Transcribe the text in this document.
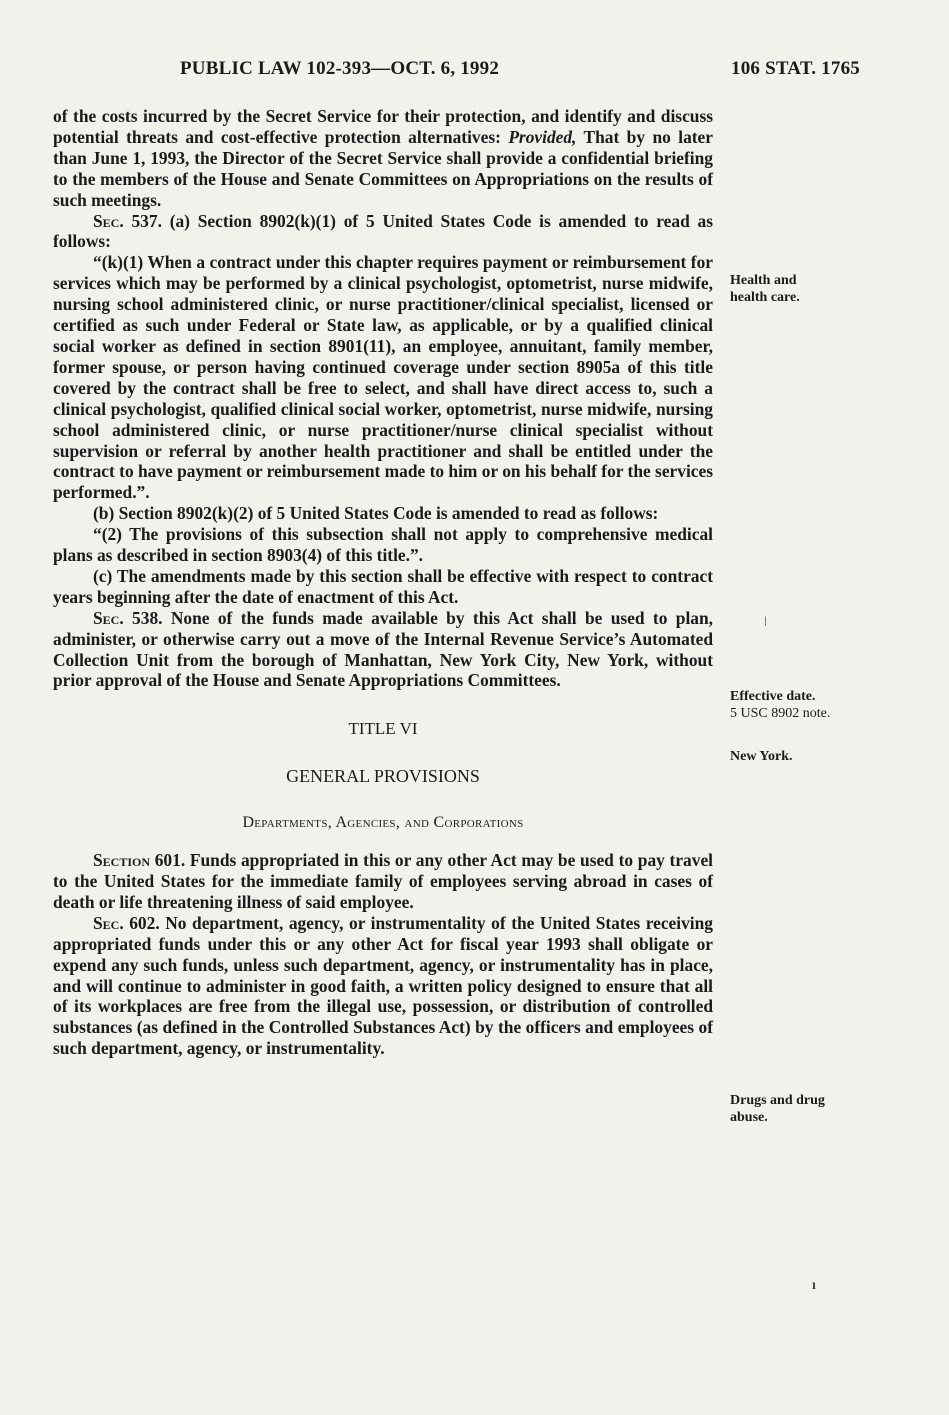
PUBLIC LAW 102-393—OCT. 6, 1992	106 STAT. 1765

of the costs incurred by the Secret Service for their protection, and identify and discuss potential threats and cost-effective protection alternatives: Provided, That by no later than June 1, 1993, the Director of the Secret Service shall provide a confidential briefing to the members of the House and Senate Committees on Appropriations on the results of such meetings.

Sec. 537. (a) Section 8902(k)(1) of 5 United States Code is amended to read as follows:

“(k)(1) When a contract under this chapter requires payment or reimbursement for services which may be performed by a clinical psychologist, optometrist, nurse midwife, nursing school administered clinic, or nurse practitioner/clinical specialist, licensed or certified as such under Federal or State law, as applicable, or by a qualified clinical social worker as defined in section 8901(11), an employee, annuitant, family member, former spouse, or person having continued coverage under section 8905a of this title covered by the contract shall be free to select, and shall have direct access to, such a clinical psychologist, qualified clinical social worker, optometrist, nurse midwife, nursing school administered clinic, or nurse practitioner/nurse clinical specialist without supervision or referral by another health practitioner and shall be entitled under the contract to have payment or reimbursement made to him or on his behalf for the services performed.”.

(b) Section 8902(k)(2) of 5 United States Code is amended to read as follows:

“(2) The provisions of this subsection shall not apply to comprehensive medical plans as described in section 8903(4) of this title.”.

(c) The amendments made by this section shall be effective with respect to contract years beginning after the date of enactment of this Act.

Sec. 538. None of the funds made available by this Act shall be used to plan, administer, or otherwise carry out a move of the Internal Revenue Service’s Automated Collection Unit from the borough of Manhattan, New York City, New York, without prior approval of the House and Senate Appropriations Committees.

TITLE VI

GENERAL PROVISIONS

Departments, Agencies, and Corporations

Section 601. Funds appropriated in this or any other Act may be used to pay travel to the United States for the immediate family of employees serving abroad in cases of death or life threatening illness of said employee.

Sec. 602. No department, agency, or instrumentality of the United States receiving appropriated funds under this or any other Act for fiscal year 1993 shall obligate or expend any such funds, unless such department, agency, or instrumentality has in place, and will continue to administer in good faith, a written policy designed to ensure that all of its workplaces are free from the illegal use, possession, or distribution of controlled substances (as defined in the Controlled Substances Act) by the officers and employees of such department, agency, or instrumentality.

Health and
health care.
Effective date.
5 USC 8902 note.
New York.
Drugs and drug
abuse.
ǀ
ı
